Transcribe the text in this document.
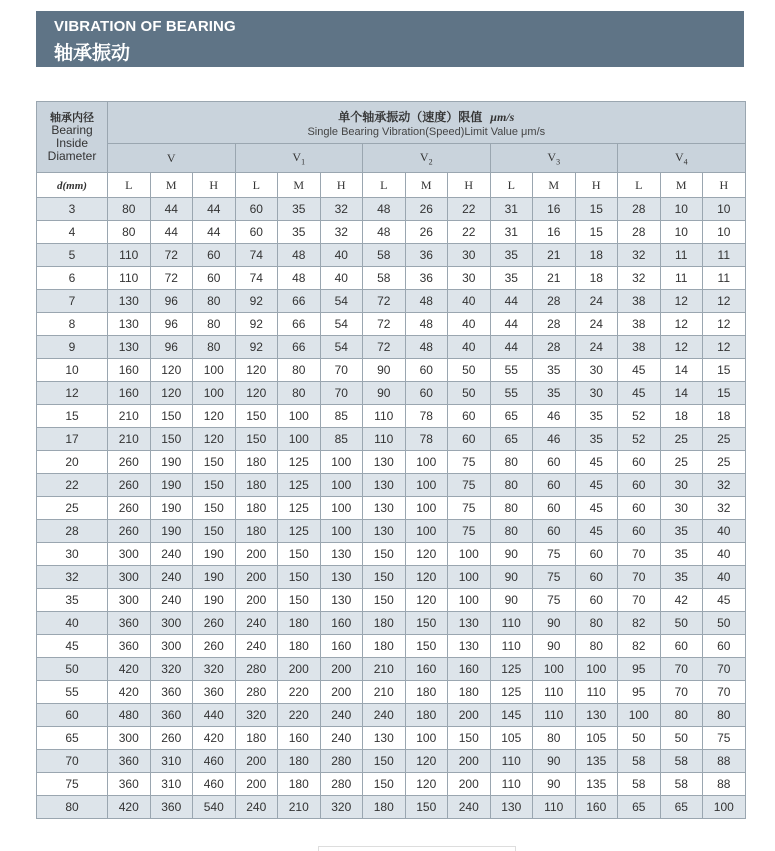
VIBRATION OF BEARING
轴承振动
轴承内径
Bearing
Inside
Diameter	单个轴承振动（速度）限值 μm/s
Single Bearing Vibration(Speed)Limit Value μm/s														

	V			$V_1$			$V_2$			$V_3$			$V_4$
d(mm)	L	M	H	L	M	H	L	M	H	L	M	H	L	M	H
3	80	44	44	60	35	32	48	26	22	31	16	15	28	10	10
4	80	44	44	60	35	32	48	26	22	31	16	15	28	10	10
5	110	72	60	74	48	40	58	36	30	35	21	18	32	11	11
6	110	72	60	74	48	40	58	36	30	35	21	18	32	11	11
7	130	96	80	92	66	54	72	48	40	44	28	24	38	12	12
8	130	96	80	92	66	54	72	48	40	44	28	24	38	12	12
9	130	96	80	92	66	54	72	48	40	44	28	24	38	12	12
10	160	120	100	120	80	70	90	60	50	55	35	30	45	14	15
12	160	120	100	120	80	70	90	60	50	55	35	30	45	14	15
15	210	150	120	150	100	85	110	78	60	65	46	35	52	18	18
17	210	150	120	150	100	85	110	78	60	65	46	35	52	25	25
20	260	190	150	180	125	100	130	100	75	80	60	45	60	25	25
22	260	190	150	180	125	100	130	100	75	80	60	45	60	30	32
25	260	190	150	180	125	100	130	100	75	80	60	45	60	30	32
28	260	190	150	180	125	100	130	100	75	80	60	45	60	35	40
30	300	240	190	200	150	130	150	120	100	90	75	60	70	35	40
32	300	240	190	200	150	130	150	120	100	90	75	60	70	35	40
35	300	240	190	200	150	130	150	120	100	90	75	60	70	42	45
40	360	300	260	240	180	160	180	150	130	110	90	80	82	50	50
45	360	300	260	240	180	160	180	150	130	110	90	80	82	60	60
50	420	320	320	280	200	200	210	160	160	125	100	100	95	70	70
55	420	360	360	280	220	200	210	180	180	125	110	110	95	70	70
60	480	360	440	320	220	240	240	180	200	145	110	130	100	80	80
65	300	260	420	180	160	240	130	100	150	105	80	105	50	50	75
70	360	310	460	200	180	280	150	120	200	110	90	135	58	58	88
75	360	310	460	200	180	280	150	120	200	110	90	135	58	58	88
80	420	360	540	240	210	320	180	150	240	130	110	160	65	65	100
